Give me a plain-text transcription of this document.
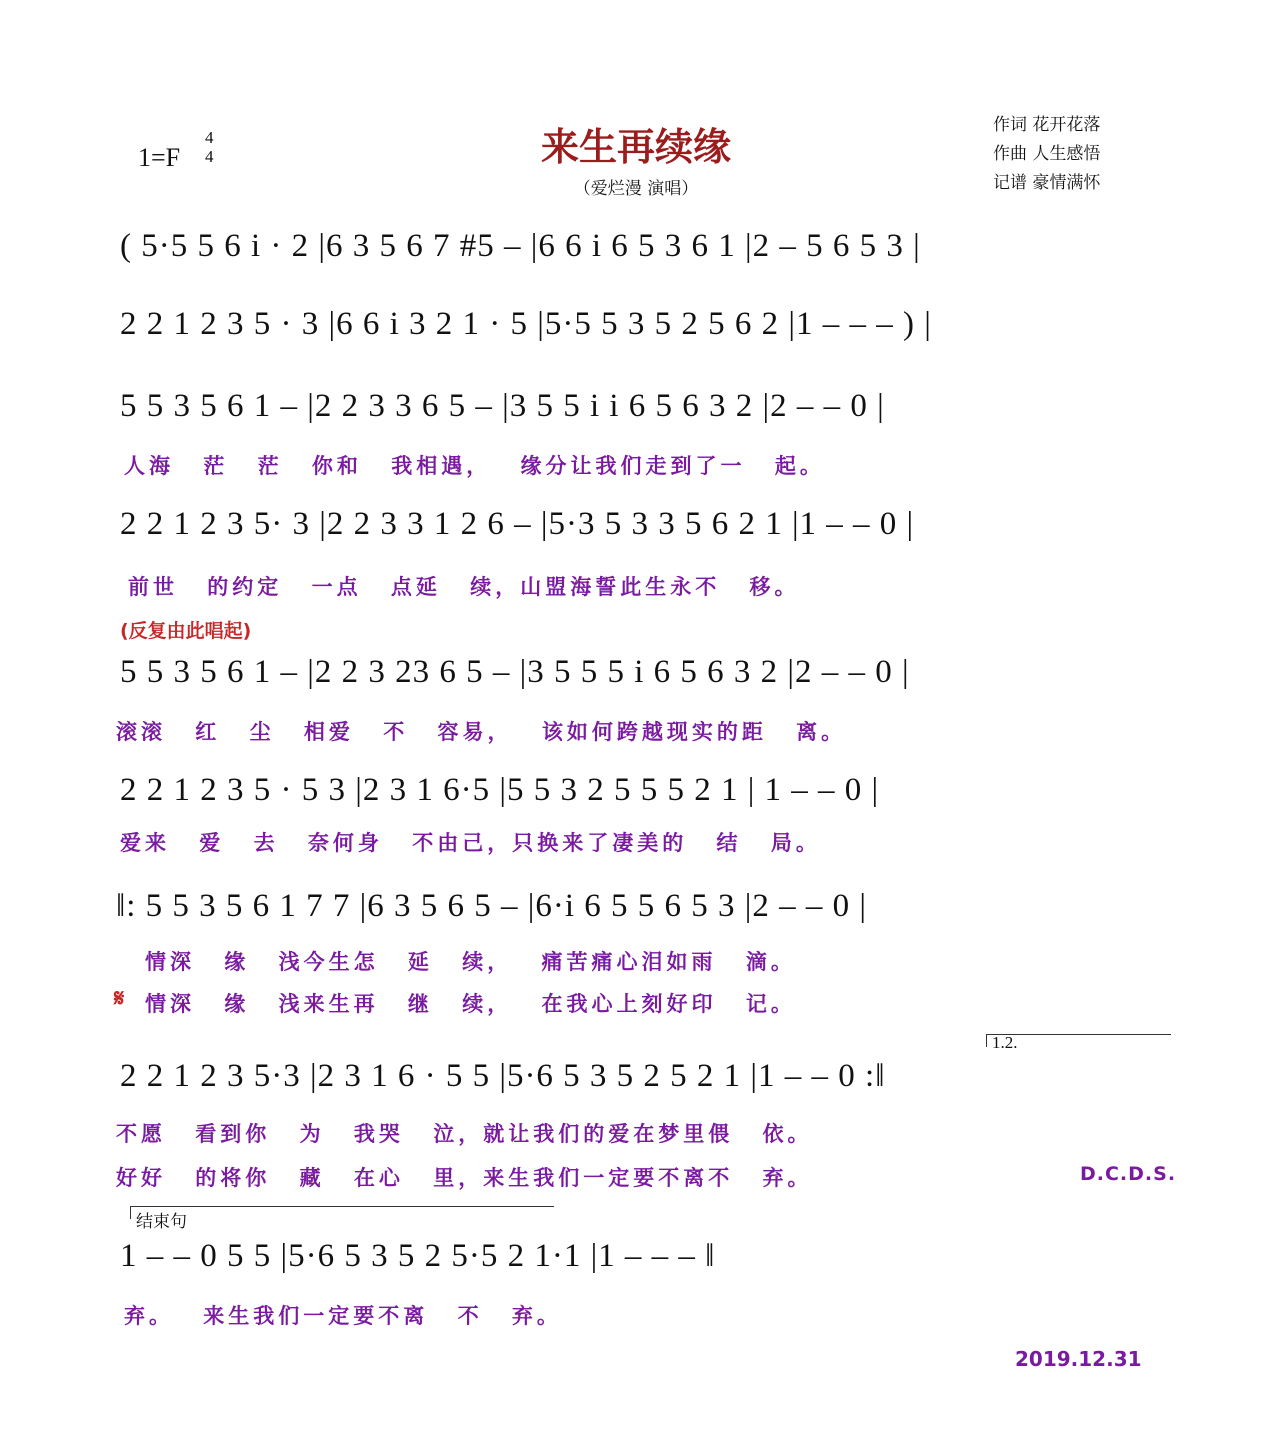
1=F
4
4	来生再续缘
（爱烂漫 演唱）
作词 花开花落
作曲 人生感悟
记谱 豪情满怀
( 5·5 5 6 i · 2 |6 3 5 6 7 #5 – |6 6 i 6 5 3 6 1 |2 – 5 6 5 3 |
2 2 1 2 3 5 · 3 |6 6 i 3 2 1 · 5 |5·5 5 3 5 2 5 6 2 |1 – – – ) |
5 5 3 5 6 1 – |2 2 3 3 6 5 – |3 5 5 i i 6 5 6 3 2 |2 – – 0 |
人海 茫 茫 你和 我相遇， 缘分让我们走到了一 起。
2 2 1 2 3 5· 3 |2 2 3 3 1 2 6 – |5·3 5 3 3 5 6 2 1 |1 – – 0 |
前世 的约定 一点 点延 续，山盟海誓此生永不 移。
(反复由此唱起)
5 5 3 5 6 1 – |2 2 3 23 6 5 – |3 5 5 5 i 6 5 6 3 2 |2 – – 0 |
滚滚 红 尘 相爱 不 容易， 该如何跨越现实的距 离。
2 2 1 2 3 5 · 5 3 |2 3 1 6·5 |5 5 3 2 5 5 5 2 1 | 1 – – 0 |
爱来 爱 去 奈何身 不由己，只换来了凄美的 结 局。
‖: 5 5 3 5 6 1 7 7 |6 3 5 6 5 – |6·i 6 5 5 6 5 3 |2 – – 0 |
情深 缘 浅今生怎 延 续， 痛苦痛心泪如雨 滴。
𝄋 情深 缘 浅来生再 继 续， 在我心上刻好印 记。
1.2.
2 2 1 2 3 5·3 |2 3 1 6 · 5 5 |5·6 5 3 5 2 5 2 1 |1 – – 0 :‖
不愿 看到你 为 我哭 泣，就让我们的爱在梦里偎 依。
好好 的将你 藏 在心 里，来生我们一定要不离不 弃。	D.C.D.S.
结束句
1 – – 0 5 5 |5·6 5 3 5 2 5·5 2 1·1 |1 – – – ‖
弃。 来生我们一定要不离 不 弃。
2019.12.31
